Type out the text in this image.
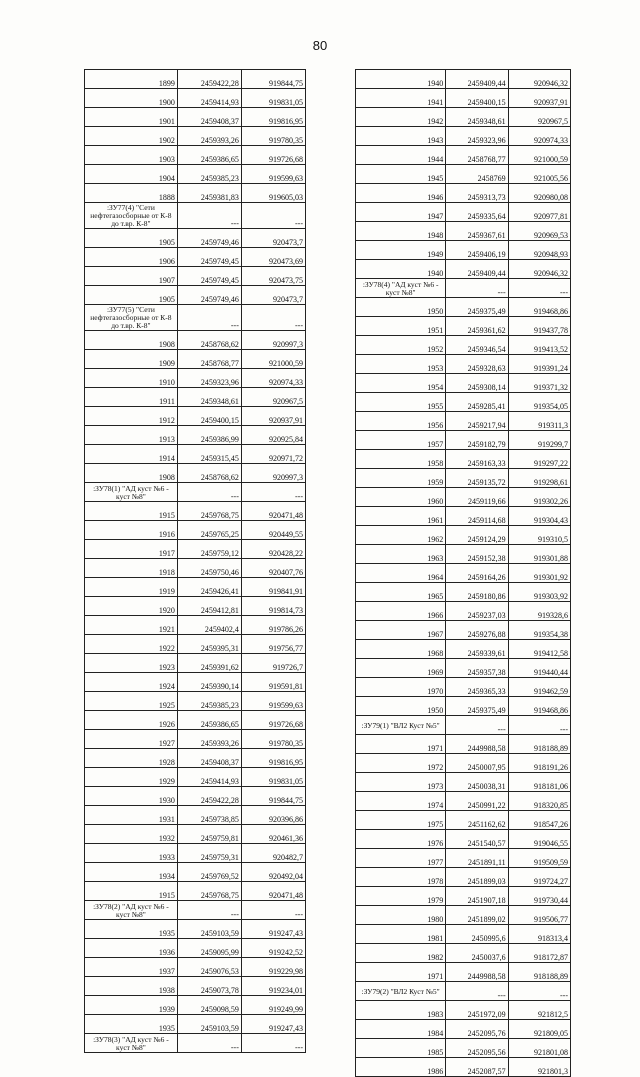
80
1899	2459422,28	919844,75
1900	2459414,93	919831,05
1901	2459408,37	919816,95
1902	2459393,26	919780,35
1903	2459386,65	919726,68
1904	2459385,23	919599,63
1888	2459381,83	919605,03
:ЗУ77(4) "Сети нефтегазосборные от К-8 до т.вр. К-8"	---	---
1905	2459749,46	920473,7
1906	2459749,45	920473,69
1907	2459749,45	920473,75
1905	2459749,46	920473,7
:ЗУ77(5) "Сети нефтегазосборные от К-8 до т.вр. К-8"	---	---
1908	2458768,62	920997,3
1909	2458768,77	921000,59
1910	2459323,96	920974,33
1911	2459348,61	920967,5
1912	2459400,15	920937,91
1913	2459386,99	920925,84
1914	2459315,45	920971,72
1908	2458768,62	920997,3
:ЗУ78(1) "АД куст №6 - куст №8"	---	---
1915	2459768,75	920471,48
1916	2459765,25	920449,55
1917	2459759,12	920428,22
1918	2459750,46	920407,76
1919	2459426,41	919841,91
1920	2459412,81	919814,73
1921	2459402,4	919786,26
1922	2459395,31	919756,77
1923	2459391,62	919726,7
1924	2459390,14	919591,81
1925	2459385,23	919599,63
1926	2459386,65	919726,68
1927	2459393,26	919780,35
1928	2459408,37	919816,95
1929	2459414,93	919831,05
1930	2459422,28	919844,75
1931	2459738,85	920396,86
1932	2459759,81	920461,36
1933	2459759,31	920482,7
1934	2459769,52	920492,04
1915	2459768,75	920471,48
:ЗУ78(2) "АД куст №6 - куст №8"	---	---
1935	2459103,59	919247,43
1936	2459095,99	919242,52
1937	2459076,53	919229,98
1938	2459073,78	919234,01
1939	2459098,59	919249,99
1935	2459103,59	919247,43
:ЗУ78(3) "АД куст №6 - куст №8"	---	---
1940	2459409,44	920946,32
1941	2459400,15	920937,91
1942	2459348,61	920967,5
1943	2459323,96	920974,33
1944	2458768,77	921000,59
1945	2458769	921005,56
1946	2459313,73	920980,08
1947	2459335,64	920977,81
1948	2459367,61	920969,53
1949	2459406,19	920948,93
1940	2459409,44	920946,32
:ЗУ78(4) "АД куст №6 - куст №8"	---	---
1950	2459375,49	919468,86
1951	2459361,62	919437,78
1952	2459346,54	919413,52
1953	2459328,63	919391,24
1954	2459308,14	919371,32
1955	2459285,41	919354,05
1956	2459217,94	919311,3
1957	2459182,79	919299,7
1958	2459163,33	919297,22
1959	2459135,72	919298,61
1960	2459119,66	919302,26
1961	2459114,68	919304,43
1962	2459124,29	919310,5
1963	2459152,38	919301,88
1964	2459164,26	919301,92
1965	2459180,86	919303,92
1966	2459237,03	919328,6
1967	2459276,88	919354,38
1968	2459339,61	919412,58
1969	2459357,38	919440,44
1970	2459365,33	919462,59
1950	2459375,49	919468,86
:ЗУ79(1) "ВЛ2 Куст №5"	---	---
1971	2449988,58	918188,89
1972	2450007,95	918191,26
1973	2450038,31	918181,06
1974	2450991,22	918320,85
1975	2451162,62	918547,26
1976	2451540,57	919046,55
1977	2451891,11	919509,59
1978	2451899,03	919724,27
1979	2451907,18	919730,44
1980	2451899,02	919506,77
1981	2450995,6	918313,4
1982	2450037,6	918172,87
1971	2449988,58	918188,89
:ЗУ79(2) "ВЛ2 Куст №5"	---	---
1983	2451972,09	921812,5
1984	2452095,76	921809,05
1985	2452095,56	921801,08
1986	2452087,57	921801,3
